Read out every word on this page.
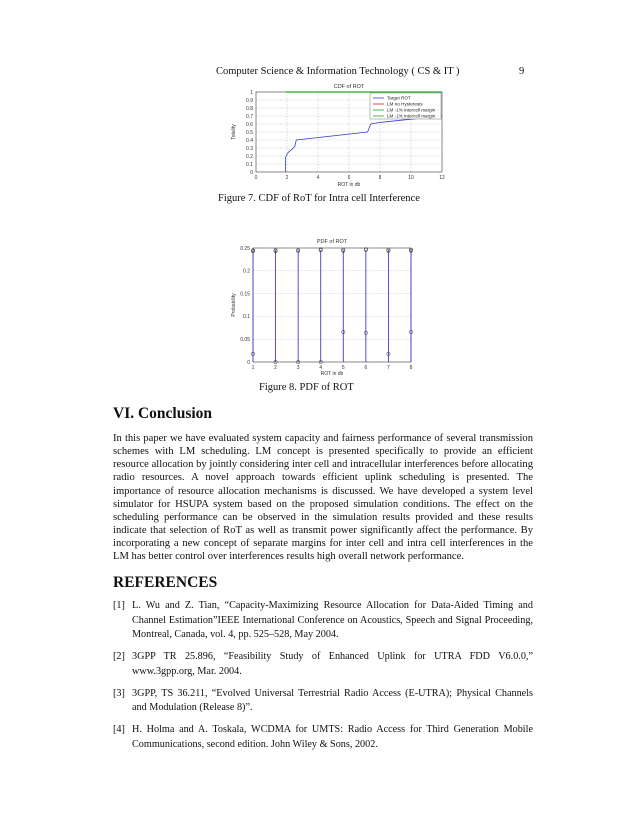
Computer Science & Information Technology ( CS & IT )	9
CDF of ROT
0
0.1
0.2
0.3
0.4
0.5
0.6
0.7
0.8
0.9
1
0	2	4	6	8	10	12
ROT in db
Totality
Target ROT
LM no Hysteresis
LM -1% intercell margin
LM -1% intercell margin
Figure 7. CDF of RoT for Intra cell Interference
PDF of ROT
0
0.05
0.1
0.15
0.2
0.25
1	2	3	4	5	6	7	8
ROT in db
Probability
Figure 8. PDF of ROT
VI. Conclusion

In this paper we have evaluated system capacity and fairness performance of several transmission schemes with LM scheduling. LM concept is presented specifically to provide an efficient resource allocation by jointly considering inter cell and intracellular interferences before allocating radio resources. A novel approach towards efficient uplink scheduling is presented. The importance of resource allocation mechanisms is discussed. We have developed a system level simulator for HSUPA system based on the proposed simulation conditions. The effect on the scheduling performance can be observed in the simulation results provided and these results indicate that selection of RoT as well as transmit power significantly affect the performance. By incorporating a new concept of separate margins for inter cell and intra cell interferences in the LM has better control over interferences results high overall network performance.

REFERENCES
[1] L. Wu and Z. Tian, “Capacity-Maximizing Resource Allocation for Data-Aided Timing and Channel Estimation”IEEE International Conference on Acoustics, Speech and Signal Proceeding, Montreal, Canada, vol. 4, pp. 525–528, May 2004.
[2] 3GPP TR 25.896, “Feasibility Study of Enhanced Uplink for UTRA FDD V6.0.0,” www.3gpp.org, Mar. 2004.
[3] 3GPP, TS 36.211, “Evolved Universal Terrestrial Radio Access (E-UTRA); Physical Channels and Modulation (Release 8)”.
[4] H. Holma and A. Toskala, WCDMA for UMTS: Radio Access for Third Generation Mobile Communications, second edition. John Wiley & Sons, 2002.
